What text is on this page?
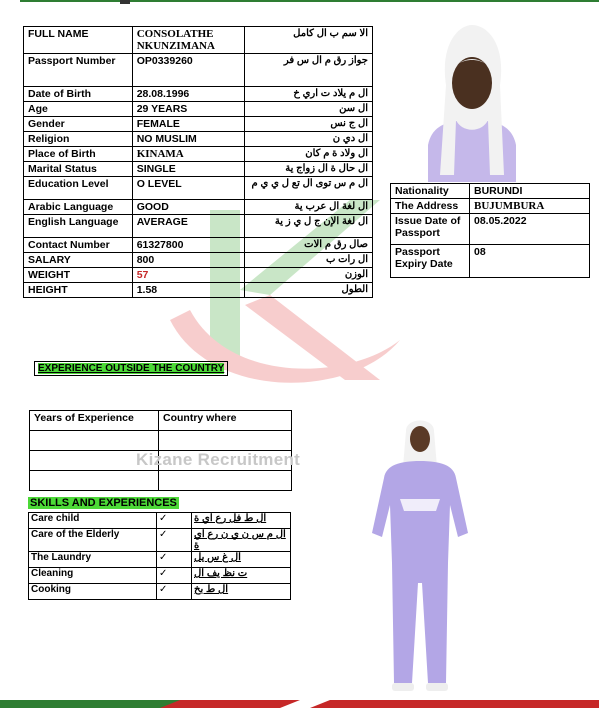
FULL NAME	CONSOLATHE NKUNZIMANA	الا سم ب ال كامل
Passport Number	OP0339260	جواز رق م ال س فر
Date of Birth	28.08.1996	ال م يلاد ت اري خ
Age	29 YEARS	ال سن
Gender	FEMALE	ال ج نس
Religion	NO MUSLIM	ال دي ن
Place of Birth	KINAMA	ال ولاد ة م كان
Marital Status	SINGLE	ال حال ة ال زواج ية
Education Level	O LEVEL	ال م س توى ال تع ل ي ي م
Arabic Language	GOOD	ال لغة ال عرب ية
English Language	AVERAGE	ال لغة الإن ج ل ي ز ية
Contact Number	61327800	صال رق م الات
SALARY	800	ال رات ب
WEIGHT	57	الوزن
HEIGHT	1.58	الطول
Nationality	BURUNDI
The Address	BUJUMBURA
Issue Date of Passport	08.05.2022
Passport Expiry Date	08
EXPERIENCE OUTSIDE THE COUNTRY
Years of Experience	Country where

Kizane Recruitment
SKILLS AND EXPERIENCES
Care child	✓	ال ط فل رع اي ة
Care of the Elderly	✓	ال م س ن ي ن رع اي ة
The Laundry	✓	ال غ س يل
Cleaning	✓	ت نظ يف ال
Cooking	✓	ال ط بخ
